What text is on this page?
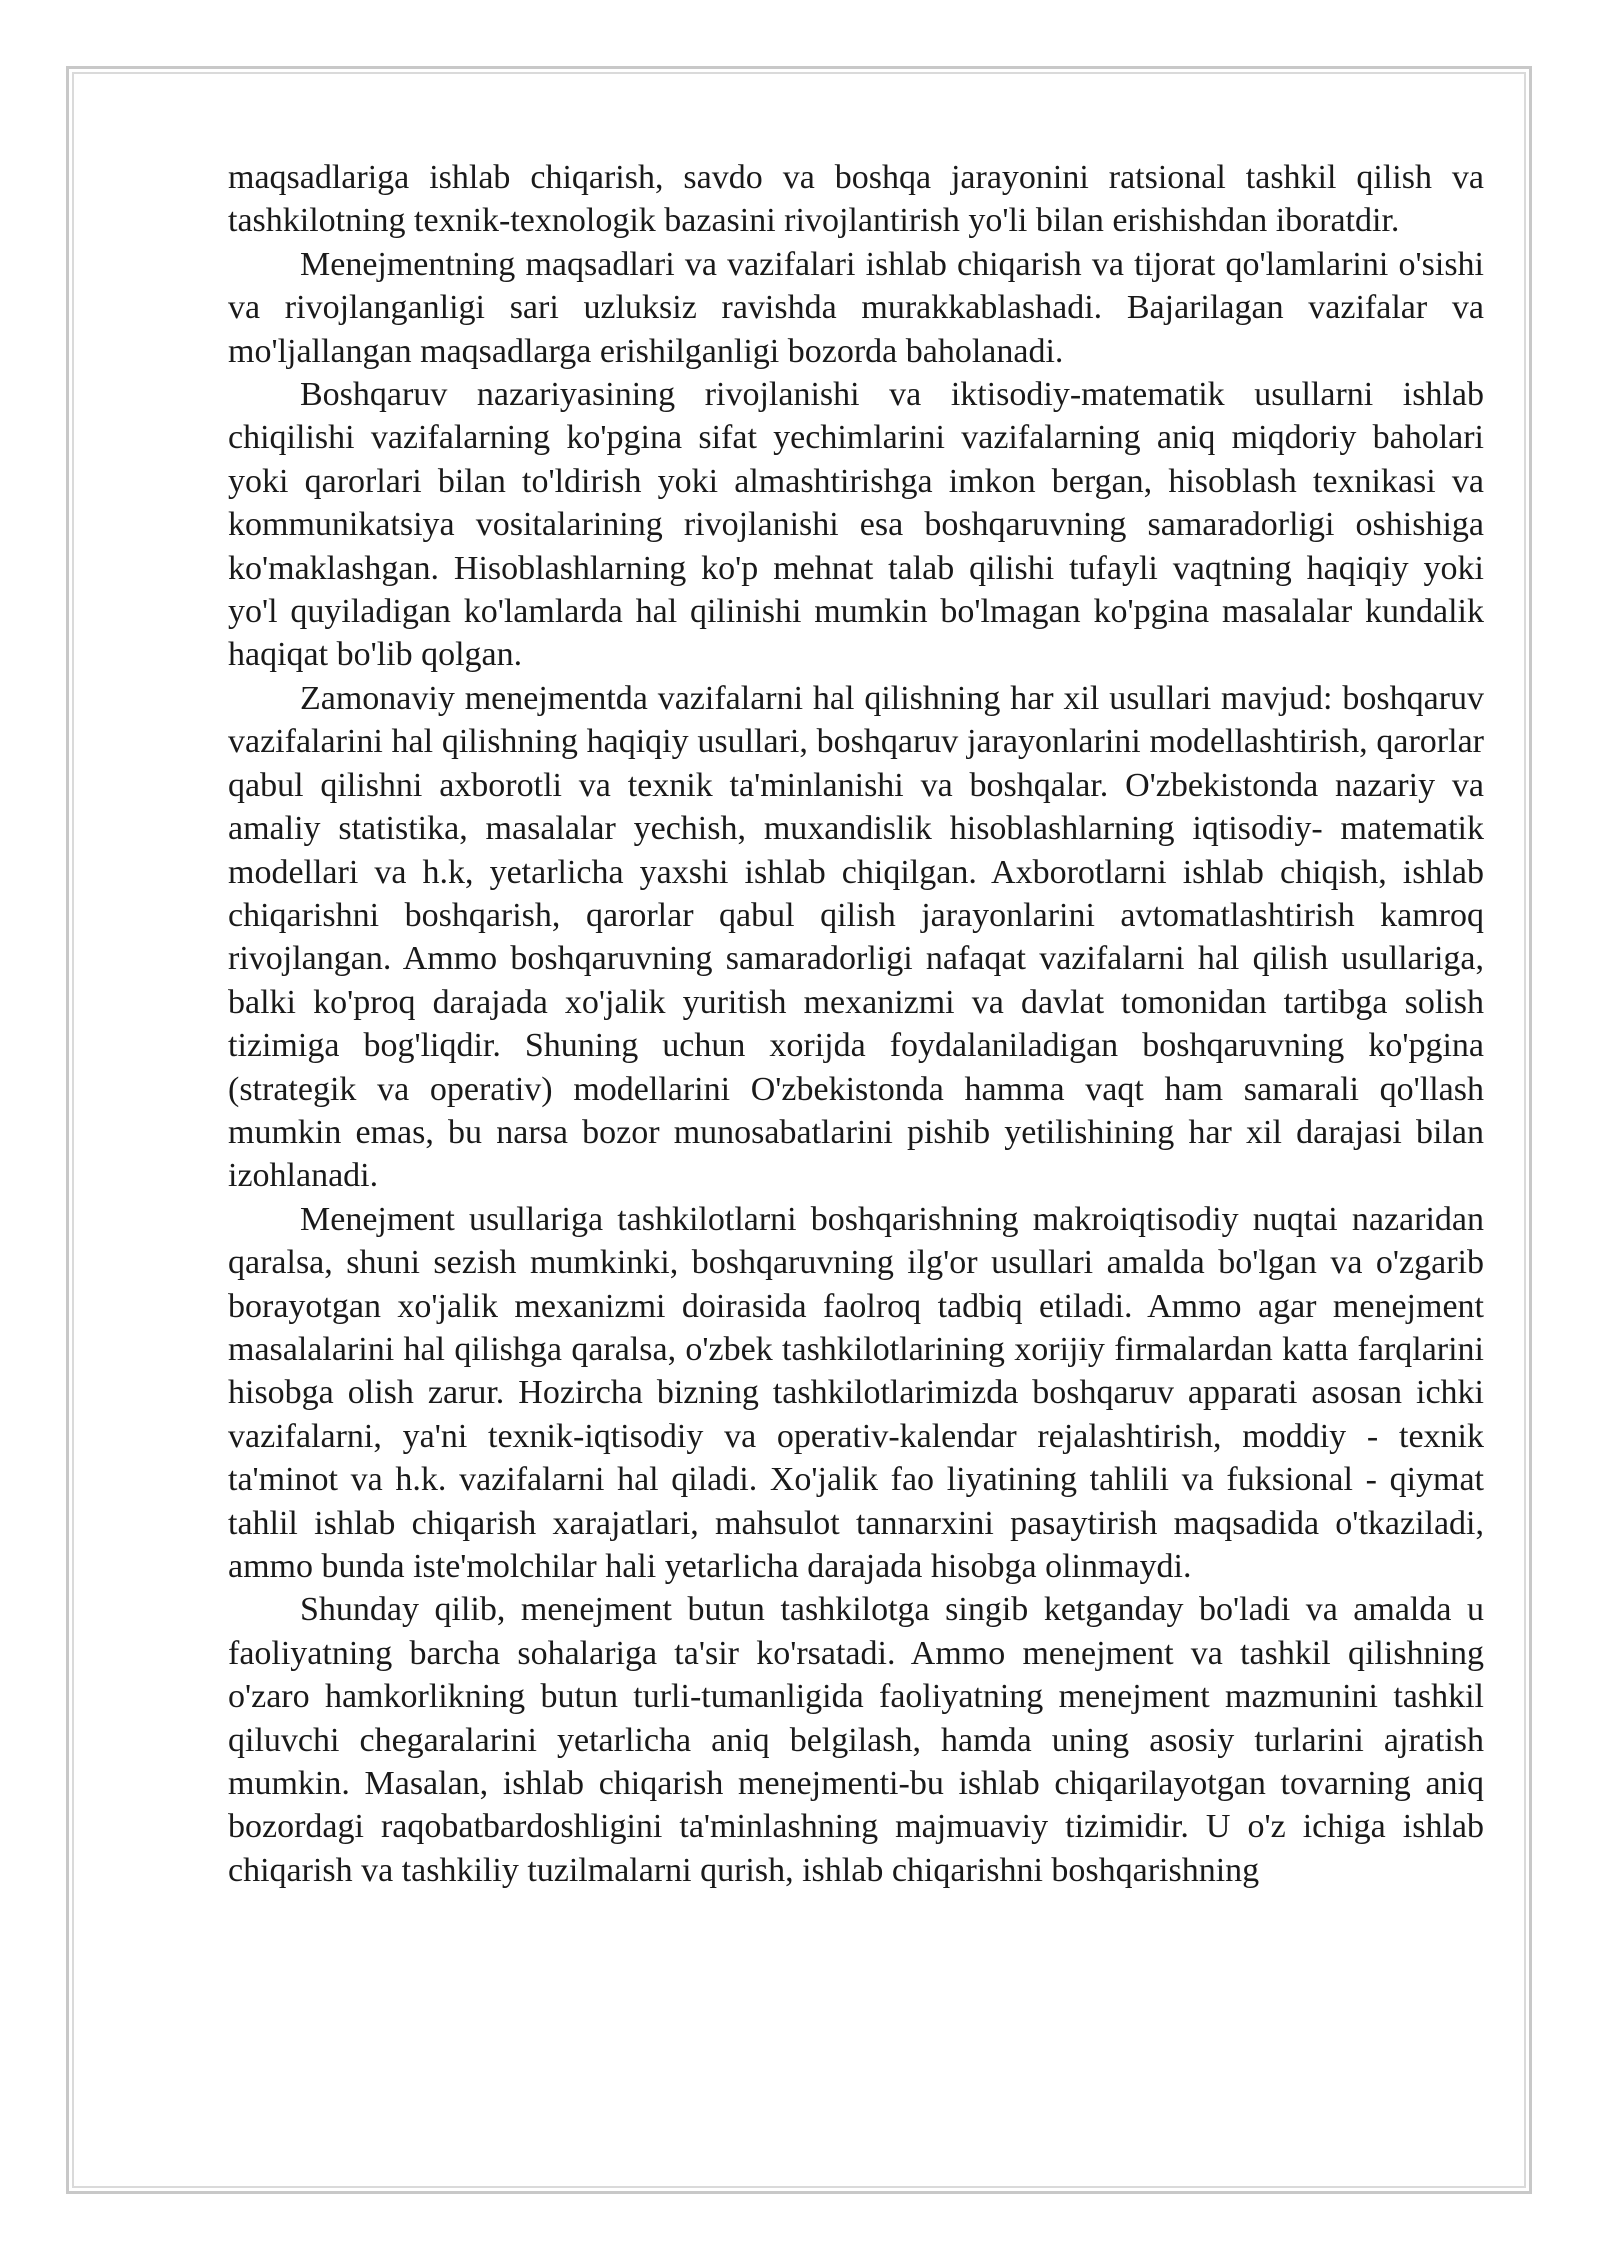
maqsadlariga ishlab chiqarish, savdo va boshqa jarayonini ratsional tashkil qilish va tashkilotning texnik-texnologik bazasini rivojlantirish yo'li bilan erishishdan iboratdir.

Menejmentning maqsadlari va vazifalari ishlab chiqarish va tijorat qo'lamlarini o'sishi va rivojlanganligi sari uzluksiz ravishda murakkablashadi. Bajarilagan vazifalar va mo'ljallangan maqsadlarga erishilganligi bozorda baholanadi.

Boshqaruv nazariyasining rivojlanishi va iktisodiy-matematik usullarni ishlab chiqilishi vazifalarning ko'pgina sifat yechimlarini vazifalarning aniq miqdoriy baholari yoki qarorlari bilan to'ldirish yoki almashtirishga imkon bergan, hisoblash texnikasi va kommunikatsiya vositalarining rivojlanishi esa boshqaruvning samaradorligi oshishiga ko'maklashgan. Hisoblashlarning ko'p mehnat talab qilishi tufayli vaqtning haqiqiy yoki yo'l quyiladigan ko'lamlarda hal qilinishi mumkin bo'lmagan ko'pgina masalalar kundalik haqiqat bo'lib qolgan.

Zamonaviy menejmentda vazifalarni hal qilishning har xil usullari mavjud: boshqaruv vazifalarini hal qilishning haqiqiy usullari, boshqaruv jarayonlarini modellashtirish, qarorlar qabul qilishni axborotli va texnik ta'minlanishi va boshqalar. O'zbekistonda nazariy va amaliy statistika, masalalar yechish, muxandislik hisoblashlarning iqtisodiy- matematik modellari va h.k, yetarlicha yaxshi ishlab chiqilgan. Axborotlarni ishlab chiqish, ishlab chiqarishni boshqarish, qarorlar qabul qilish jarayonlarini avtomatlashtirish kamroq rivojlangan. Ammo boshqaruvning samaradorligi nafaqat vazifalarni hal qilish usullariga, balki ko'proq darajada xo'jalik yuritish mexanizmi va davlat tomonidan tartibga solish tizimiga bog'liqdir. Shuning uchun xorijda foydalaniladigan boshqaruvning ko'pgina (strategik va operativ) modellarini O'zbekistonda hamma vaqt ham samarali qo'llash mumkin emas, bu narsa bozor munosabatlarini pishib yetilishining har xil darajasi bilan izohlanadi.

Menejment usullariga tashkilotlarni boshqarishning makroiqtisodiy nuqtai nazaridan qaralsa, shuni sezish mumkinki, boshqaruvning ilg'or usullari amalda bo'lgan va o'zgarib borayotgan xo'jalik mexanizmi doirasida faolroq tadbiq etiladi. Ammo agar menejment masalalarini hal qilishga qaralsa, o'zbek tashkilotlarining xorijiy firmalardan katta farqlarini hisobga olish zarur. Hozircha bizning tashkilotlarimizda boshqaruv apparati asosan ichki vazifalarni, ya'ni texnik-iqtisodiy va operativ-kalendar rejalashtirish, moddiy - texnik ta'minot va h.k. vazifalarni hal qiladi. Xo'jalik fao liyatining tahlili va fuksional - qiymat tahlil ishlab chiqarish xarajatlari, mahsulot tannarxini pasaytirish maqsadida o'tkaziladi, ammo bunda iste'molchilar hali yetarlicha darajada hisobga olinmaydi.

Shunday qilib, menejment butun tashkilotga singib ketganday bo'ladi va amalda u faoliyatning barcha sohalariga ta'sir ko'rsatadi. Ammo menejment va tashkil qilishning o'zaro hamkorlikning butun turli-tumanligida faoliyatning menejment mazmunini tashkil qiluvchi chegaralarini yetarlicha aniq belgilash, hamda uning asosiy turlarini ajratish mumkin. Masalan, ishlab chiqarish menejmenti-bu ishlab chiqarilayotgan tovarning aniq bozordagi raqobatbardoshligini ta'minlashning majmuaviy tizimidir. U o'z ichiga ishlab chiqarish va tashkiliy tuzilmalarni qurish, ishlab chiqarishni boshqarishning
